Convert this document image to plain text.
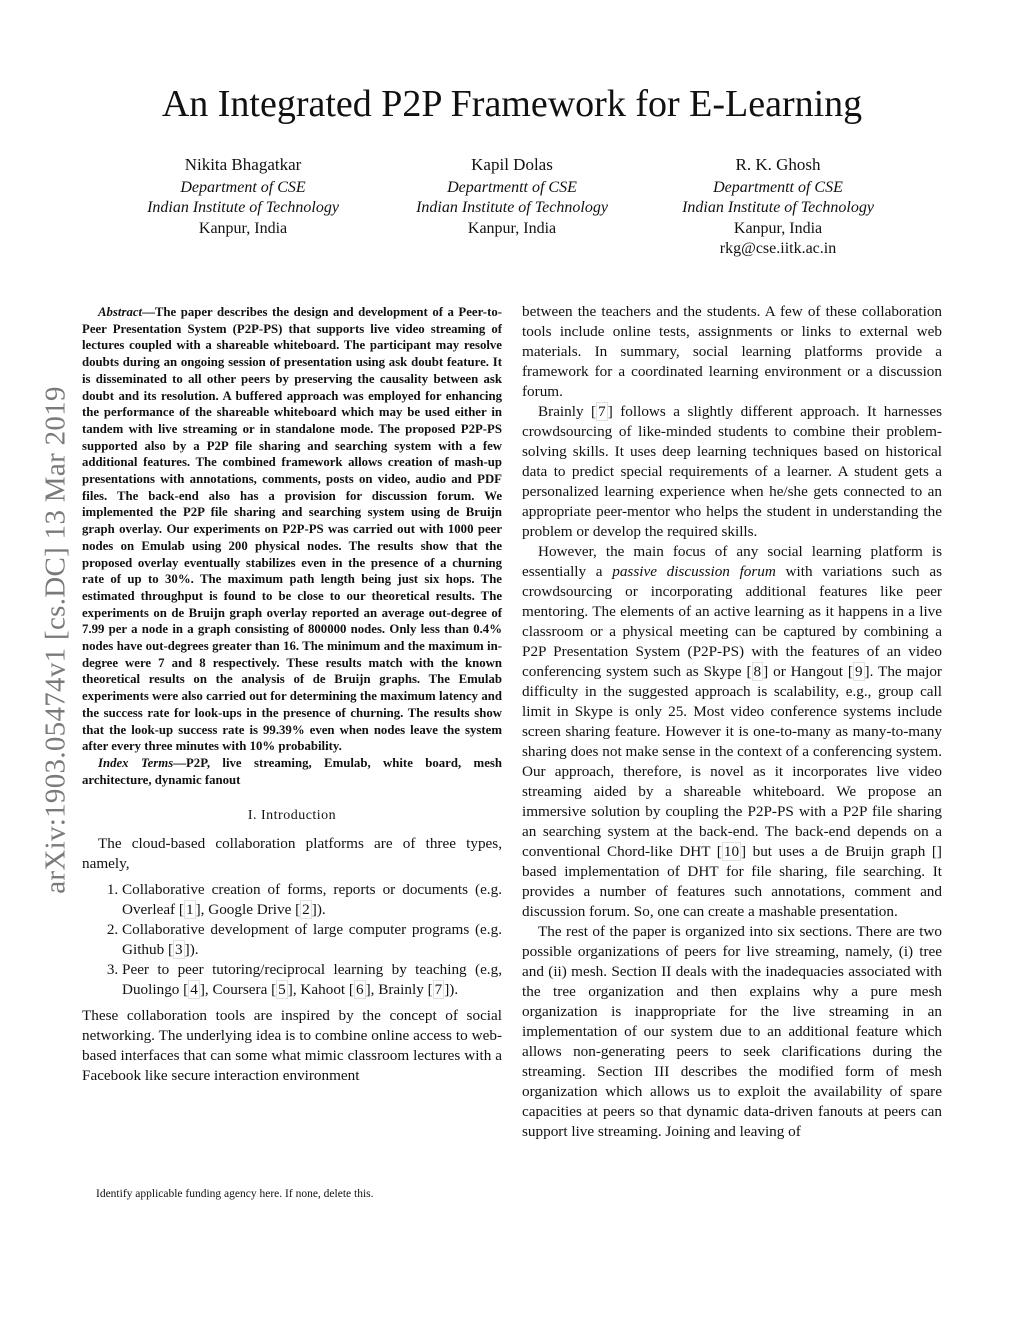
arXiv:1903.05474v1 [cs.DC] 13 Mar 2019
An Integrated P2P Framework for E-Learning
Nikita Bhagatkar
Department of CSE
Indian Institute of Technology
Kanpur, India
Kapil Dolas
Departmentt of CSE
Indian Institute of Technology
Kanpur, India
R. K. Ghosh
Departmentt of CSE
Indian Institute of Technology
Kanpur, India
rkg@cse.iitk.ac.in

Abstract—The paper describes the design and development of a Peer-to-Peer Presentation System (P2P-PS) that supports live video streaming of lectures coupled with a shareable whiteboard. The participant may resolve doubts during an ongoing session of presentation using ask doubt feature. It is disseminated to all other peers by preserving the causality between ask doubt and its resolution. A buffered approach was employed for enhancing the performance of the shareable whiteboard which may be used either in tandem with live streaming or in standalone mode. The proposed P2P-PS supported also by a P2P file sharing and searching system with a few additional features. The combined framework allows creation of mash-up presentations with annotations, comments, posts on video, audio and PDF files. The back-end also has a provision for discussion forum. We implemented the P2P file sharing and searching system using de Bruijn graph overlay. Our experiments on P2P-PS was carried out with 1000 peer nodes on Emulab using 200 physical nodes. The results show that the proposed overlay eventually stabilizes even in the presence of a churning rate of up to 30%. The maximum path length being just six hops. The estimated throughput is found to be close to our theoretical results. The experiments on de Bruijn graph overlay reported an average out-degree of 7.99 per a node in a graph consisting of 800000 nodes. Only less than 0.4% nodes have out-degrees greater than 16. The minimum and the maximum in-degree were 7 and 8 respectively. These results match with the known theoretical results on the analysis of de Bruijn graphs. The Emulab experiments were also carried out for determining the maximum latency and the success rate for look-ups in the presence of churning. The results show that the look-up success rate is 99.39% even when nodes leave the system after every three minutes with 10% probability.

Index Terms—P2P, live streaming, Emulab, white board, mesh architecture, dynamic fanout

I. Introduction

The cloud-based collaboration platforms are of three types, namely,

1. Collaborative creation of forms, reports or documents (e.g. Overleaf [ 1 ], Google Drive [ 2 ]).
2. Collaborative development of large computer programs (e.g. Github [ 3 ]).
3. Peer to peer tutoring/reciprocal learning by teaching (e.g, Duolingo [ 4 ], Coursera [ 5 ], Kahoot [ 6 ], Brainly [ 7 ]).

These collaboration tools are inspired by the concept of social networking. The underlying idea is to combine online access to web-based interfaces that can some what mimic classroom lectures with a Facebook like secure interaction environment

Identify applicable funding agency here. If none, delete this.

between the teachers and the students. A few of these collaboration tools include online tests, assignments or links to external web materials. In summary, social learning platforms provide a framework for a coordinated learning environment or a discussion forum.

Brainly [ 7 ] follows a slightly different approach. It harnesses crowdsourcing of like-minded students to combine their problem-solving skills. It uses deep learning techniques based on historical data to predict special requirements of a learner. A student gets a personalized learning experience when he/she gets connected to an appropriate peer-mentor who helps the student in understanding the problem or develop the required skills.

However, the main focus of any social learning platform is essentially a passive discussion forum with variations such as crowdsourcing or incorporating additional features like peer mentoring. The elements of an active learning as it happens in a live classroom or a physical meeting can be captured by combining a P2P Presentation System (P2P-PS) with the features of an video conferencing system such as Skype [ 8 ] or Hangout [ 9 ]. The major difficulty in the suggested approach is scalability, e.g., group call limit in Skype is only 25. Most video conference systems include screen sharing feature. However it is one-to-many as many-to-many sharing does not make sense in the context of a conferencing system. Our approach, therefore, is novel as it incorporates live video streaming aided by a shareable whiteboard. We propose an immersive solution by coupling the P2P-PS with a P2P file sharing an searching system at the back-end. The back-end depends on a conventional Chord-like DHT [ 10 ] but uses a de Bruijn graph [] based implementation of DHT for file sharing, file searching. It provides a number of features such annotations, comment and discussion forum. So, one can create a mashable presentation.

The rest of the paper is organized into six sections. There are two possible organizations of peers for live streaming, namely, (i) tree and (ii) mesh. Section II deals with the inadequacies associated with the tree organization and then explains why a pure mesh organization is inappropriate for the live streaming in an implementation of our system due to an additional feature which allows non-generating peers to seek clarifications during the streaming. Section III describes the modified form of mesh organization which allows us to exploit the availability of spare capacities at peers so that dynamic data-driven fanouts at peers can support live streaming. Joining and leaving of
